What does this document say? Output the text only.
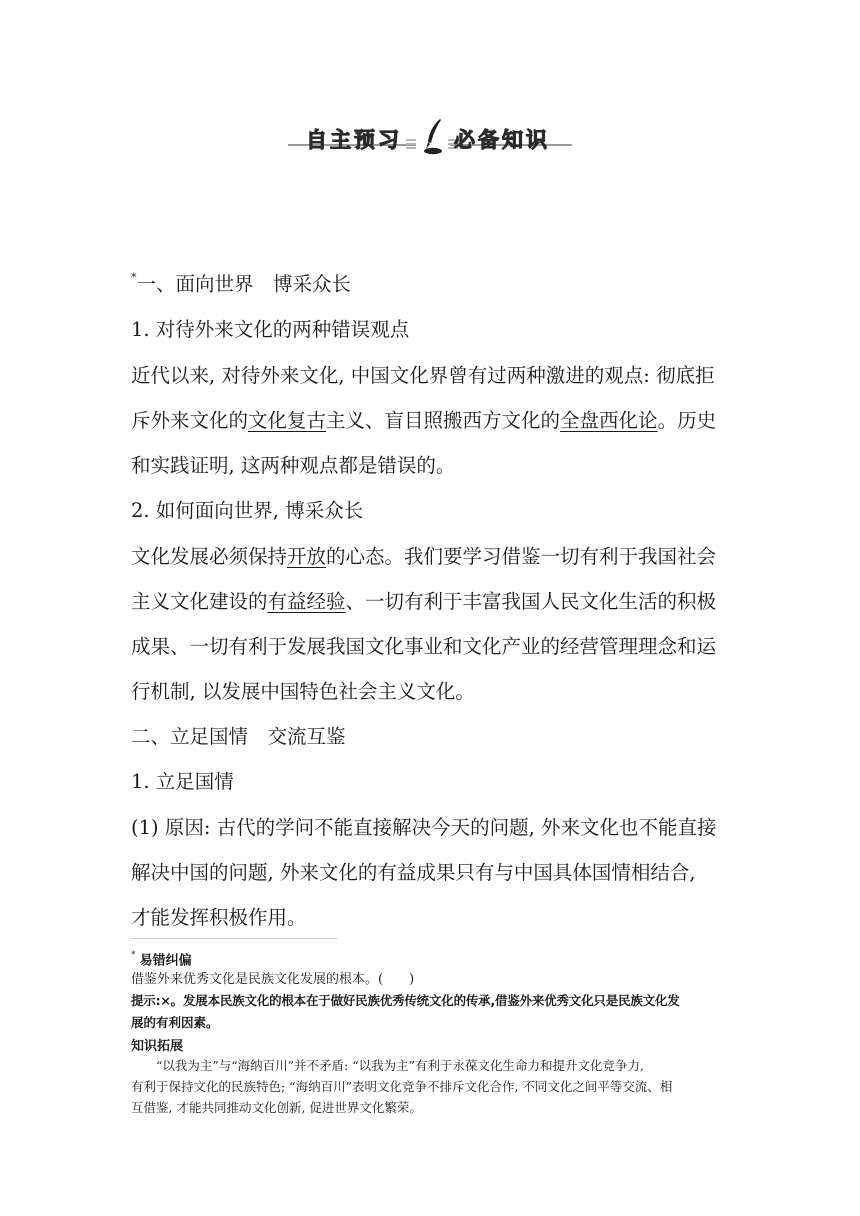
自主预习 必备知识
*一、面向世界　博采众长
1. 对待外来文化的两种错误观点
近代以来, 对待外来文化, 中国文化界曾有过两种激进的观点: 彻底拒
斥外来文化的文化复古主义、盲目照搬西方文化的全盘西化论。历史
和实践证明, 这两种观点都是错误的。
2. 如何面向世界, 博采众长
文化发展必须保持开放的心态。我们要学习借鉴一切有利于我国社会
主义文化建设的有益经验、一切有利于丰富我国人民文化生活的积极
成果、一切有利于发展我国文化事业和文化产业的经营管理理念和运
行机制, 以发展中国特色社会主义文化。
二、立足国情　交流互鉴
1. 立足国情
(1) 原因: 古代的学问不能直接解决今天的问题, 外来文化也不能直接
解决中国的问题, 外来文化的有益成果只有与中国具体国情相结合,
才能发挥积极作用。
* 易错纠偏
借鉴外来优秀文化是民族文化发展的根本。(　　)
提示:×。发展本民族文化的根本在于做好民族优秀传统文化的传承,借鉴外来优秀文化只是民族文化发
展的有利因素。
知识拓展
　　“以我为主”与“海纳百川”并不矛盾: “以我为主”有利于永葆文化生命力和提升文化竞争力,
有利于保持文化的民族特色; “海纳百川”表明文化竞争不排斥文化合作, 不同文化之间平等交流、相
互借鉴, 才能共同推动文化创新, 促进世界文化繁荣。
